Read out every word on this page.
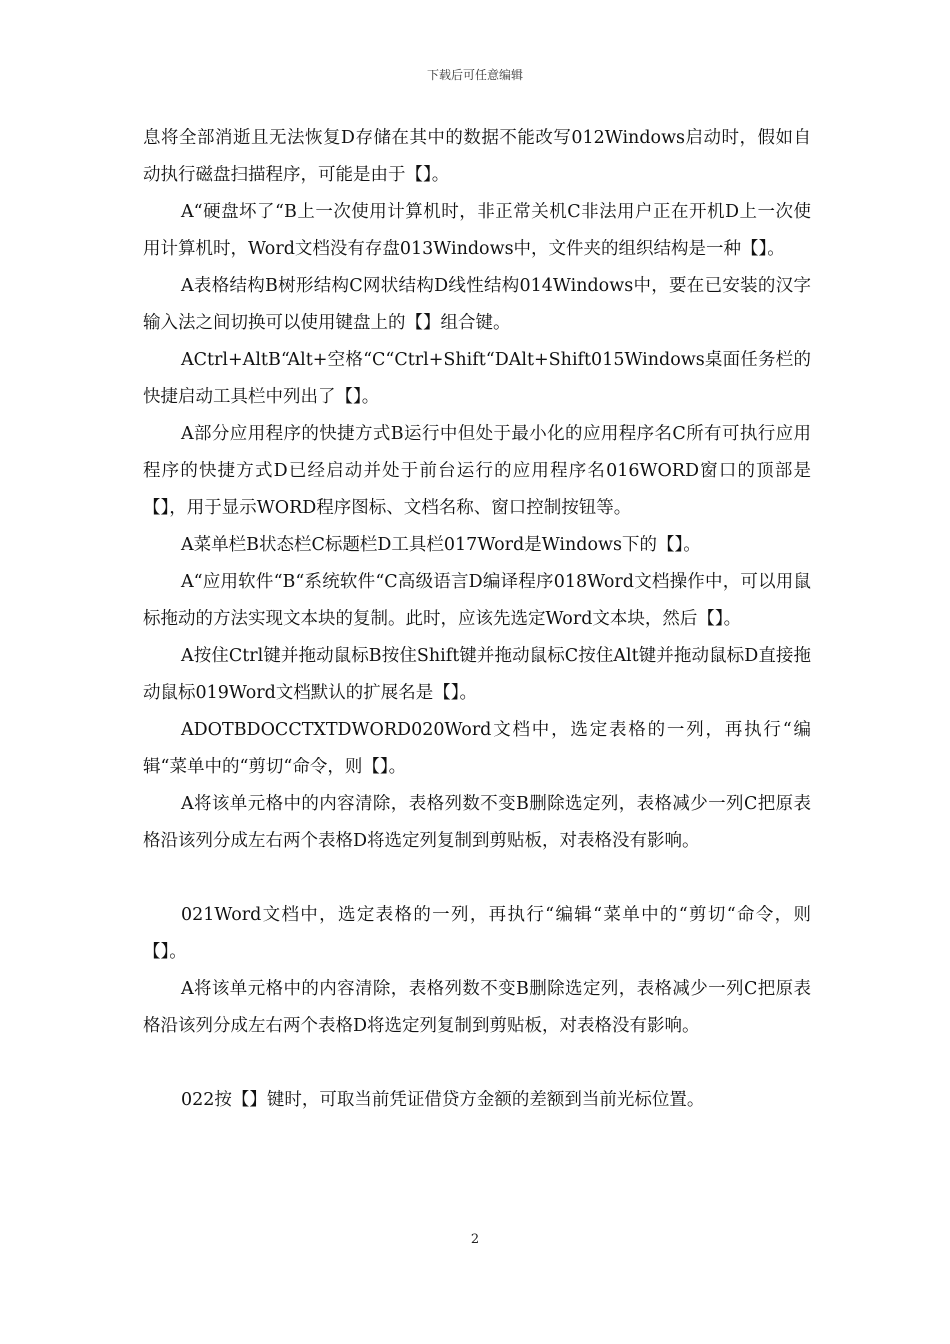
下载后可任意编辑

息将全部消逝且无法恢复D存储在其中的数据不能改写012Windows启动时，假如自动执行磁盘扫描程序，可能是由于【】。

A“硬盘坏了“B上一次使用计算机时，非正常关机C非法用户正在开机D上一次使用计算机时，Word文档没有存盘013Windows中，文件夹的组织结构是一种【】。

A表格结构B树形结构C网状结构D线性结构014Windows中，要在已安装的汉字输入法之间切换可以使用键盘上的【】组合键。

ACtrl+AltB“Alt+空格“C“Ctrl+Shift“DAlt+Shift015Windows桌面任务栏的快捷启动工具栏中列出了【】。

A部分应用程序的快捷方式B运行中但处于最小化的应用程序名C所有可执行应用程序的快捷方式D已经启动并处于前台运行的应用程序名016WORD窗口的顶部是【】，用于显示WORD程序图标、文档名称、窗口控制按钮等。

A菜单栏B状态栏C标题栏D工具栏017Word是Windows下的【】。

A“应用软件“B“系统软件“C高级语言D编译程序018Word文档操作中，可以用鼠标拖动的方法实现文本块的复制。此时，应该先选定Word文本块，然后【】。

A按住Ctrl键并拖动鼠标B按住Shift键并拖动鼠标C按住Alt键并拖动鼠标D直接拖动鼠标019Word文档默认的扩展名是【】。

ADOTBDOCCTXTDWORD020Word文档中，选定表格的一列，再执行“编辑“菜单中的“剪切“命令，则【】。

A将该单元格中的内容清除，表格列数不变B删除选定列，表格减少一列C把原表格沿该列分成左右两个表格D将选定列复制到剪贴板，对表格没有影响。

021Word文档中，选定表格的一列，再执行“编辑“菜单中的“剪切“命令，则【】。

A将该单元格中的内容清除，表格列数不变B删除选定列，表格减少一列C把原表格沿该列分成左右两个表格D将选定列复制到剪贴板，对表格没有影响。

022按【】键时，可取当前凭证借贷方金额的差额到当前光标位置。

2
